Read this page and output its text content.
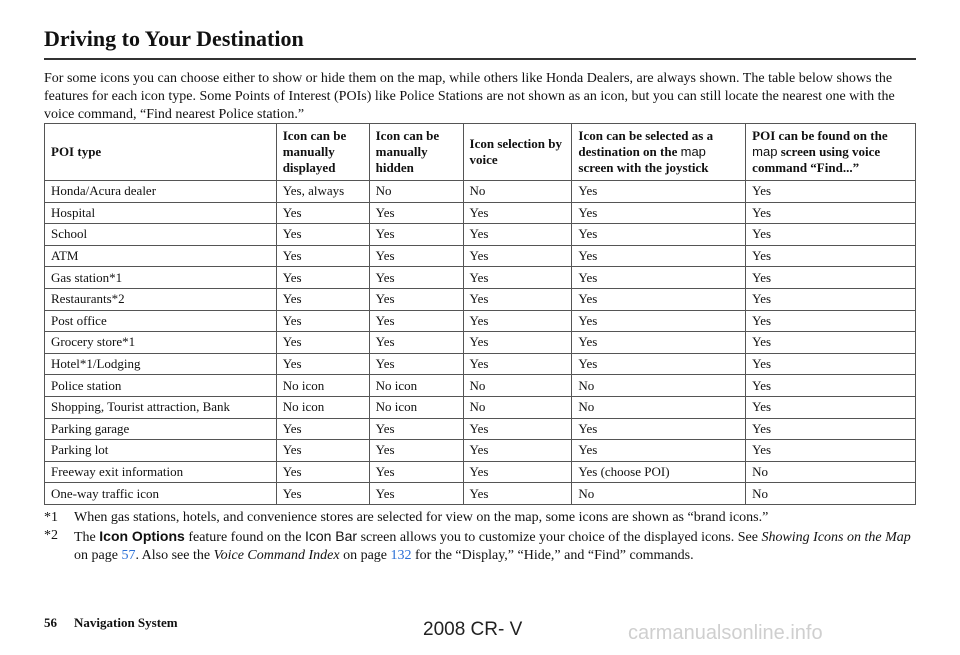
Driving to Your Destination
For some icons you can choose either to show or hide them on the map, while others like Honda Dealers, are always shown. The table below shows the features for each icon type. Some Points of Interest (POIs) like Police Stations are not shown as an icon, but you can still locate the nearest one with the voice command, “Find nearest Police station.”
POI type	Icon can be manually displayed	Icon can be manually hidden	Icon selection by voice	Icon can be selected as a destination on the map screen with the joystick	POI can be found on the map screen using voice command “Find...”
Honda/Acura dealer	Yes, always	No	No	Yes	Yes
Hospital	Yes	Yes	Yes	Yes	Yes
School	Yes	Yes	Yes	Yes	Yes
ATM	Yes	Yes	Yes	Yes	Yes
Gas station*1	Yes	Yes	Yes	Yes	Yes
Restaurants*2	Yes	Yes	Yes	Yes	Yes
Post office	Yes	Yes	Yes	Yes	Yes
Grocery store*1	Yes	Yes	Yes	Yes	Yes
Hotel*1/Lodging	Yes	Yes	Yes	Yes	Yes
Police station	No icon	No icon	No	No	Yes
Shopping, Tourist attraction, Bank	No icon	No icon	No	No	Yes
Parking garage	Yes	Yes	Yes	Yes	Yes
Parking lot	Yes	Yes	Yes	Yes	Yes
Freeway exit information	Yes	Yes	Yes	Yes (choose POI)	No
One-way traffic icon	Yes	Yes	Yes	No	No
*1	When gas stations, hotels, and convenience stores are selected for view on the map, some icons are shown as “brand icons.”
*2	The Icon Options feature found on the Icon Bar screen allows you to customize your choice of the displayed icons. See Showing Icons on the Map on page 57. Also see the Voice Command Index on page 132 for the “Display,” “Hide,” and “Find” commands.
56 Navigation System	2008 CR- V	carmanualsonline.info
